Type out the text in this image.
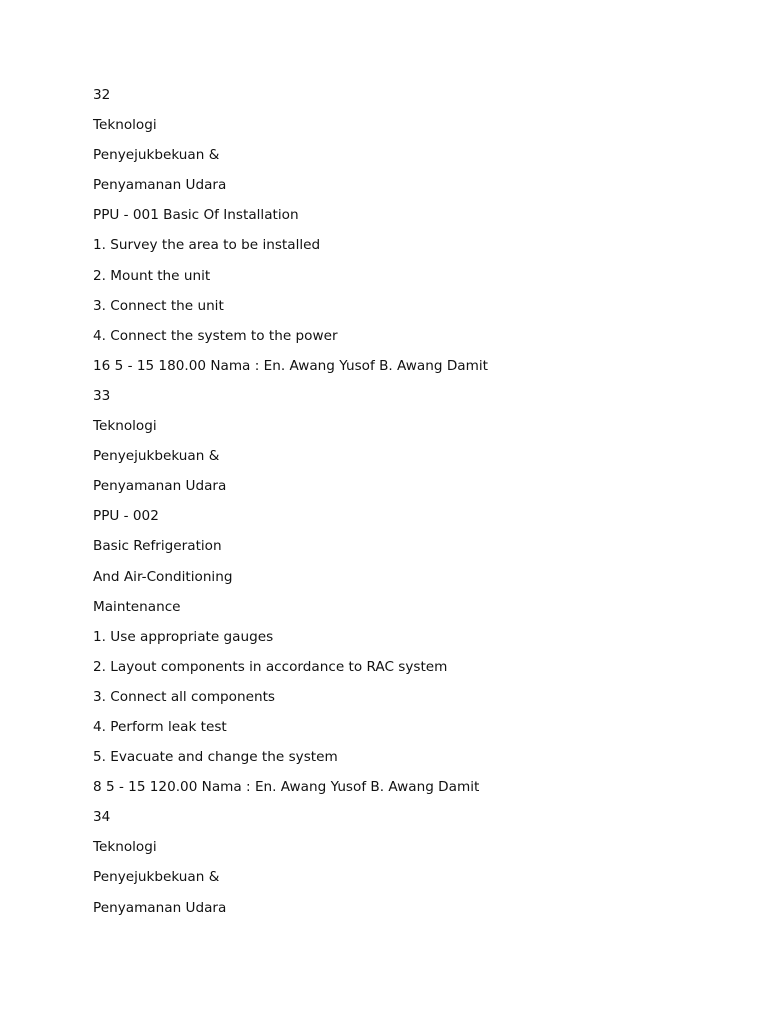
32
Teknologi
Penyejukbekuan &
Penyamanan Udara
PPU - 001 Basic Of Installation
1. Survey the area to be installed
2. Mount the unit
3. Connect the unit
4. Connect the system to the power
16 5 - 15 180.00 Nama : En. Awang Yusof B. Awang Damit
33
Teknologi
Penyejukbekuan &
Penyamanan Udara
PPU - 002
Basic Refrigeration
And Air-Conditioning
Maintenance
1. Use appropriate gauges
2. Layout components in accordance to RAC system
3. Connect all components
4. Perform leak test
5. Evacuate and change the system
8 5 - 15 120.00 Nama : En. Awang Yusof B. Awang Damit
34
Teknologi
Penyejukbekuan &
Penyamanan Udara
